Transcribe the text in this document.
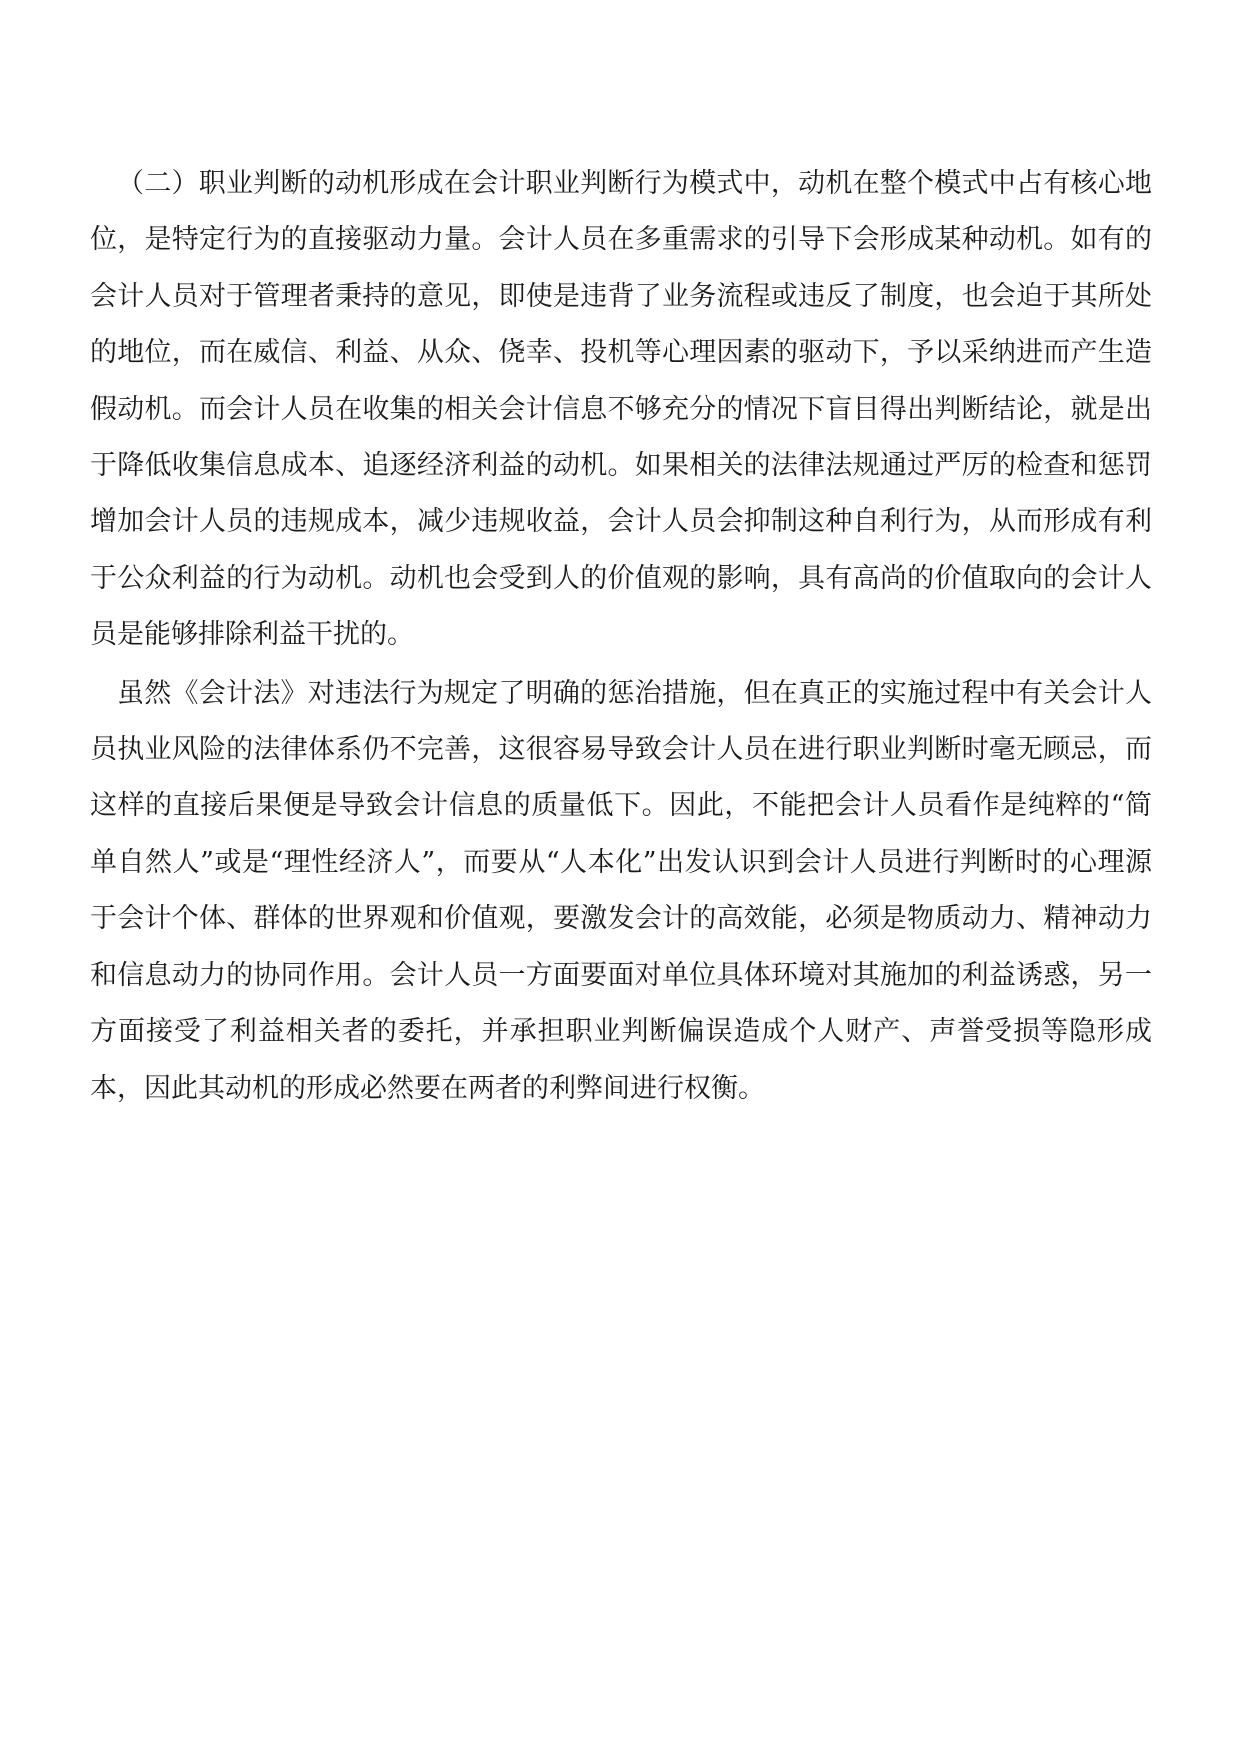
（二）职业判断的动机形成在会计职业判断行为模式中，动机在整个模式中占有核心地位，是特定行为的直接驱动力量。会计人员在多重需求的引导下会形成某种动机。如有的会计人员对于管理者秉持的意见，即使是违背了业务流程或违反了制度，也会迫于其所处的地位，而在威信、利益、从众、侥幸、投机等心理因素的驱动下，予以采纳进而产生造假动机。而会计人员在收集的相关会计信息不够充分的情况下盲目得出判断结论，就是出于降低收集信息成本、追逐经济利益的动机。如果相关的法律法规通过严厉的检查和惩罚增加会计人员的违规成本，减少违规收益，会计人员会抑制这种自利行为，从而形成有利于公众利益的行为动机。动机也会受到人的价值观的影响，具有高尚的价值取向的会计人员是能够排除利益干扰的。

虽然《会计法》对违法行为规定了明确的惩治措施，但在真正的实施过程中有关会计人员执业风险的法律体系仍不完善，这很容易导致会计人员在进行职业判断时毫无顾忌，而这样的直接后果便是导致会计信息的质量低下。因此，不能把会计人员看作是纯粹的“简单自然人”或是“理性经济人”，而要从“人本化”出发认识到会计人员进行判断时的心理源于会计个体、群体的世界观和价值观，要激发会计的高效能，必须是物质动力、精神动力和信息动力的协同作用。会计人员一方面要面对单位具体环境对其施加的利益诱惑，另一方面接受了利益相关者的委托，并承担职业判断偏误造成个人财产、声誉受损等隐形成本，因此其动机的形成必然要在两者的利弊间进行权衡。
